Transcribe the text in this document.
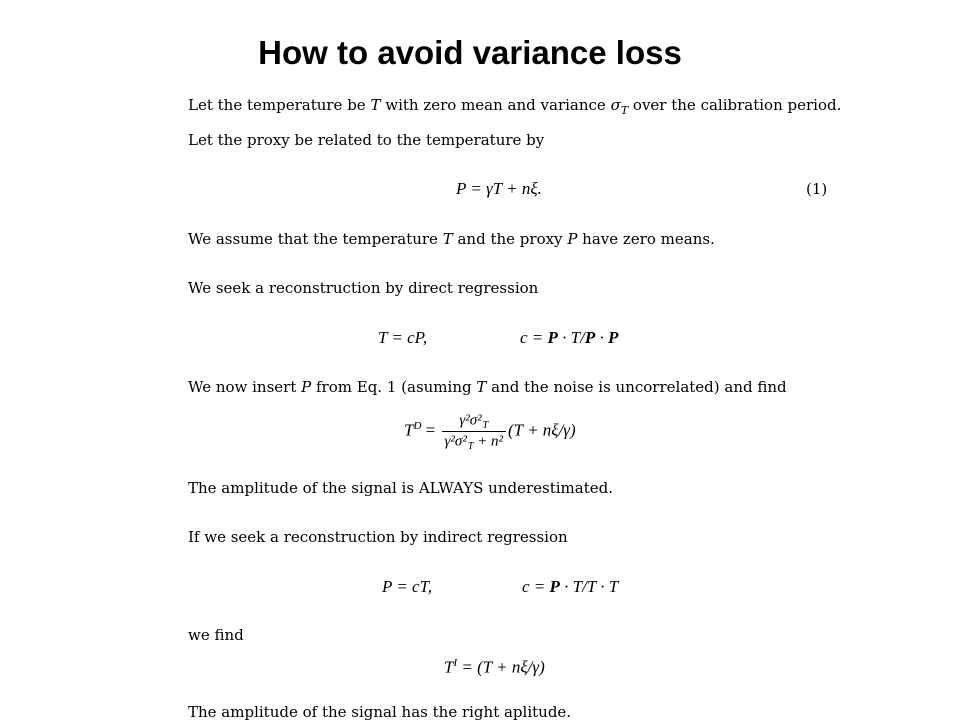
How to avoid variance loss
Let the temperature be T with zero mean and variance $\sigma_T$ over the calibration period.
Let the proxy be related to the temperature by
P = γT + nξ.	(1)
We assume that the temperature T and the proxy P have zero means.
We seek a reconstruction by direct regression
T = cP,	c = P · T/P · P
We now insert P from Eq. 1 (asuming T and the noise is uncorrelated) and find
$T^D = \gamma^2\sigma^2$
T
γ²σ²
T + n² (T + nξ/γ)
The amplitude of the signal is ALWAYS underestimated.
If we seek a reconstruction by indirect regression
P = cT,	c = P · T/T · T
we find
$T^I = (T + n\xi/\gamma)$
The amplitude of the signal has the right aplitude.
